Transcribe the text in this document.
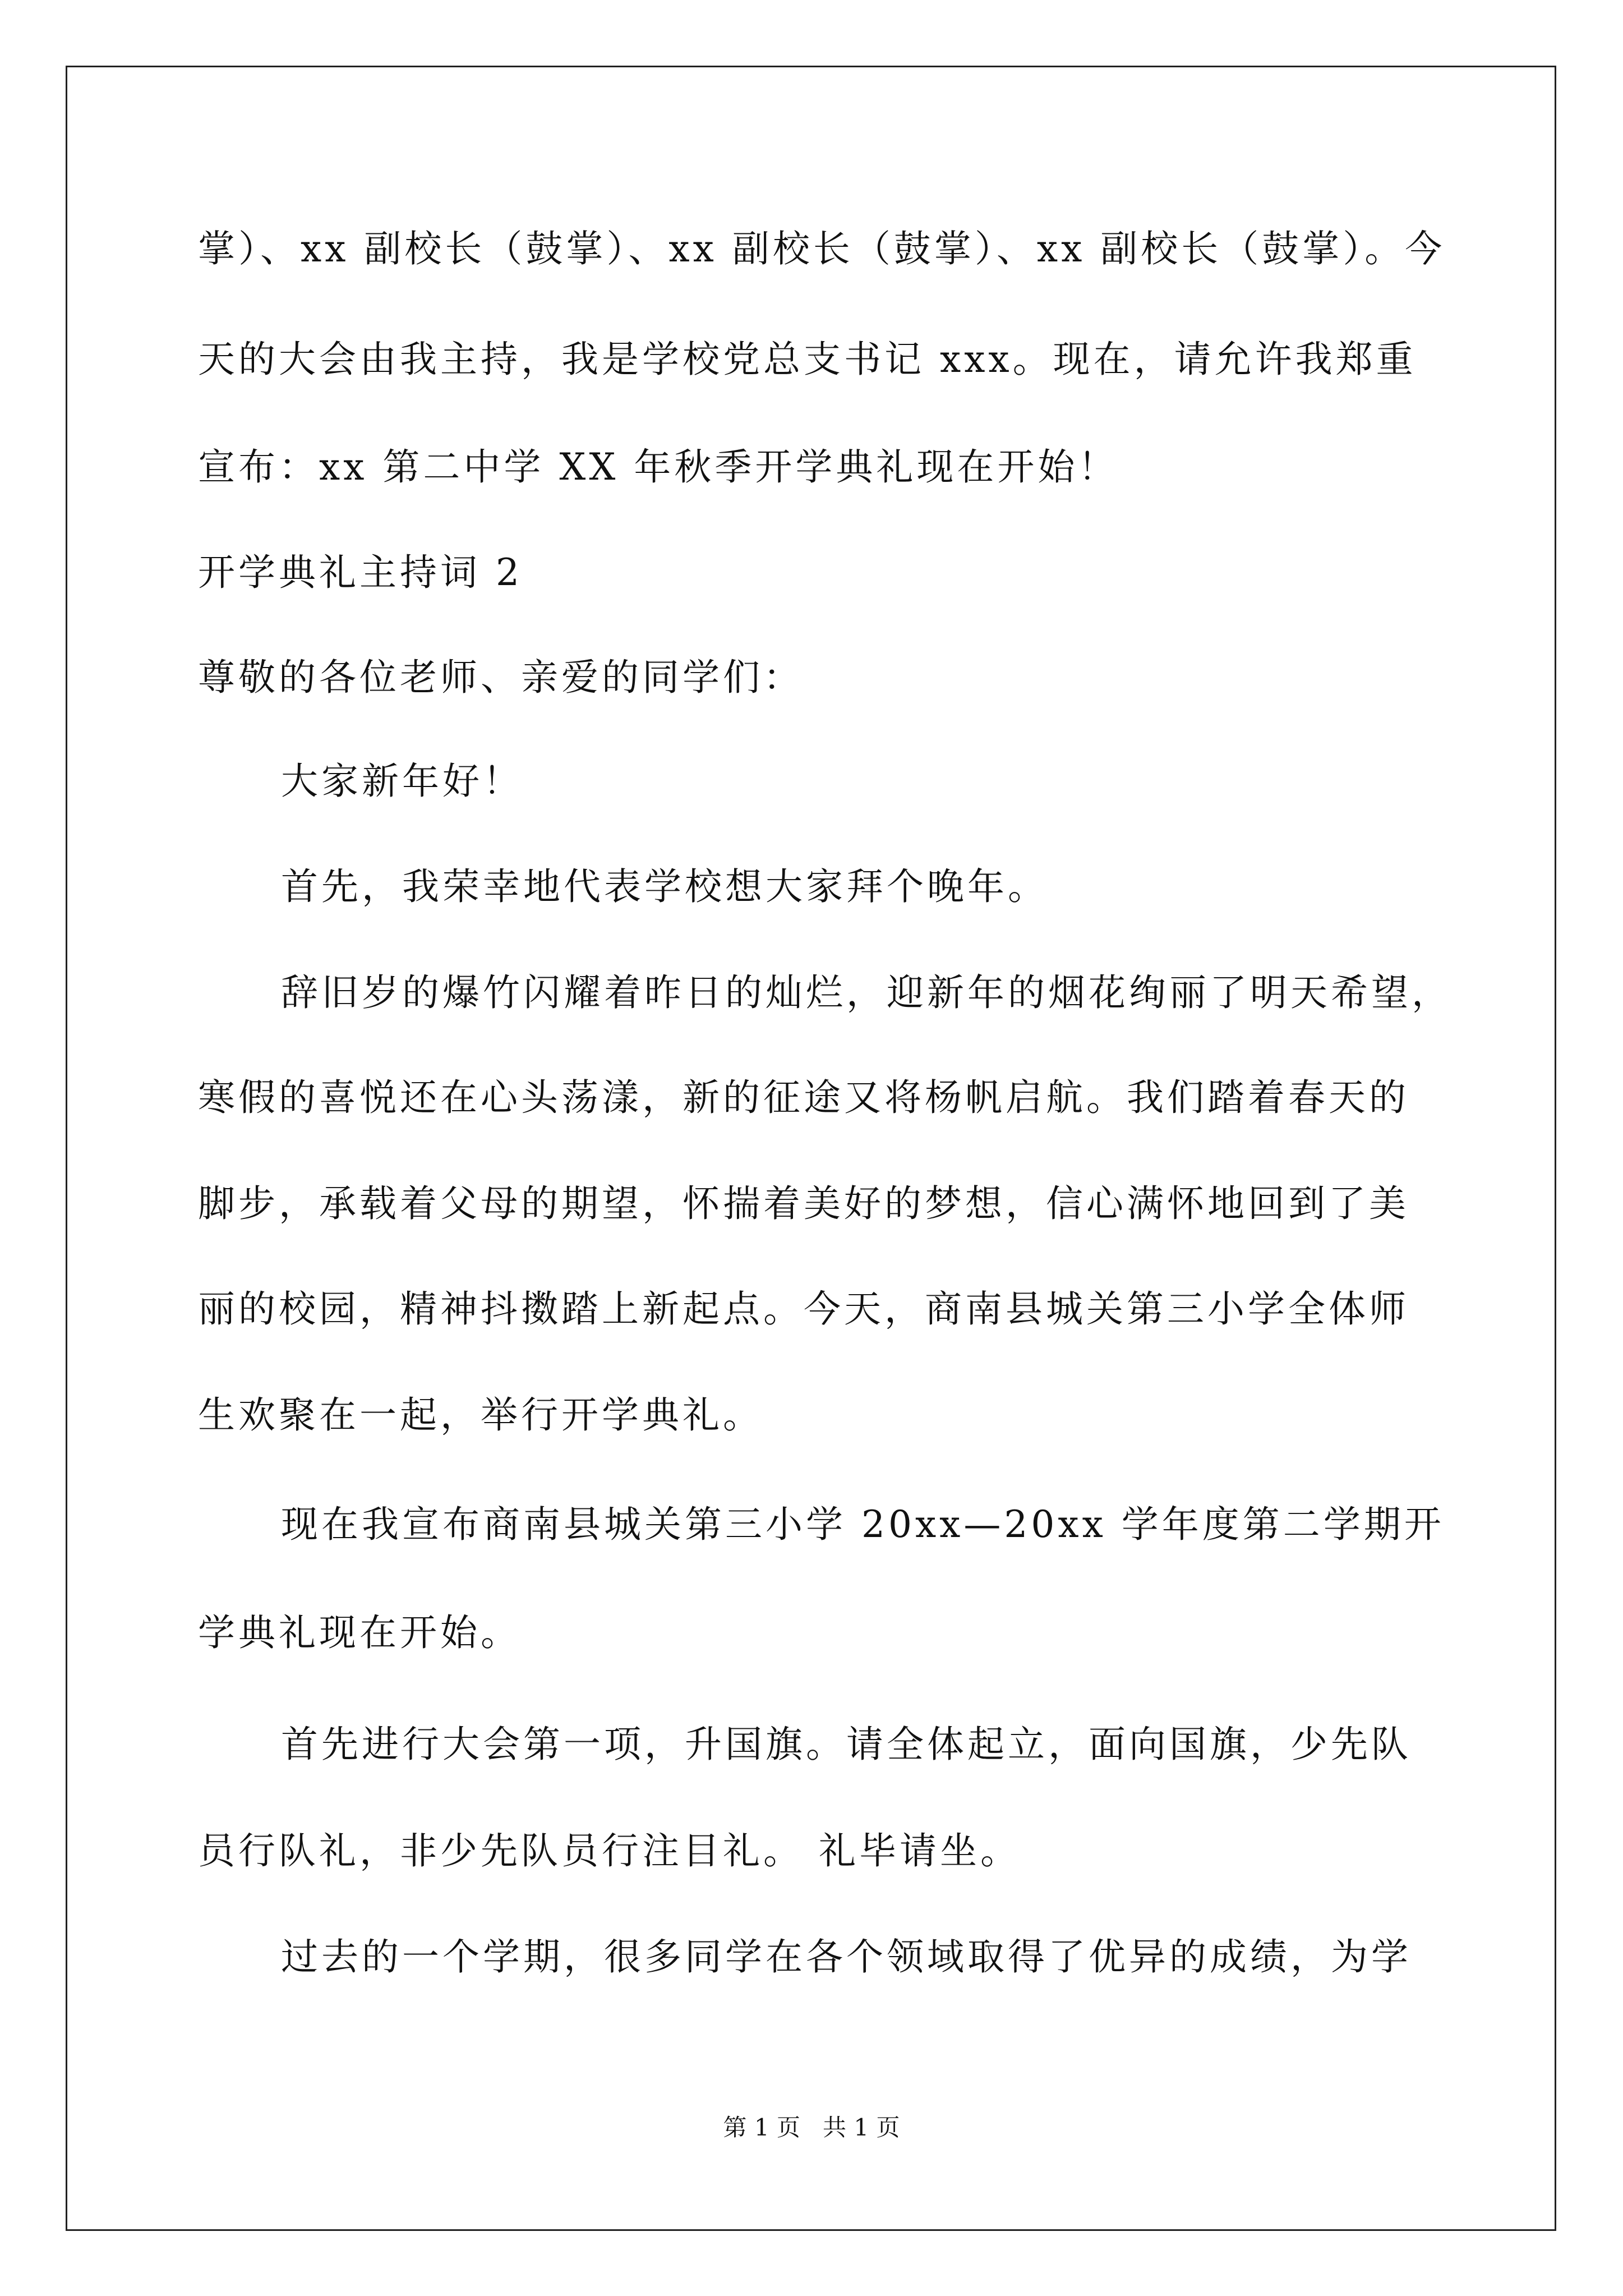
掌）、xx 副校长（鼓掌）、xx 副校长（鼓掌）、xx 副校长（鼓掌）。今
天的大会由我主持，我是学校党总支书记 xxx。现在，请允许我郑重
宣布：xx 第二中学 XX 年秋季开学典礼现在开始！
开学典礼主持词 2
尊敬的各位老师、亲爱的同学们：
大家新年好！
首先，我荣幸地代表学校想大家拜个晚年。
辞旧岁的爆竹闪耀着昨日的灿烂，迎新年的烟花绚丽了明天希望，
寒假的喜悦还在心头荡漾，新的征途又将杨帆启航。我们踏着春天的
脚步，承载着父母的期望，怀揣着美好的梦想，信心满怀地回到了美
丽的校园，精神抖擞踏上新起点。今天，商南县城关第三小学全体师
生欢聚在一起，举行开学典礼。
现在我宣布商南县城关第三小学 20xx—20xx 学年度第二学期开
学典礼现在开始。
首先进行大会第一项，升国旗。请全体起立，面向国旗，少先队
员行队礼，非少先队员行注目礼。 礼毕请坐。
过去的一个学期，很多同学在各个领域取得了优异的成绩，为学
第 1 页   共 1 页
